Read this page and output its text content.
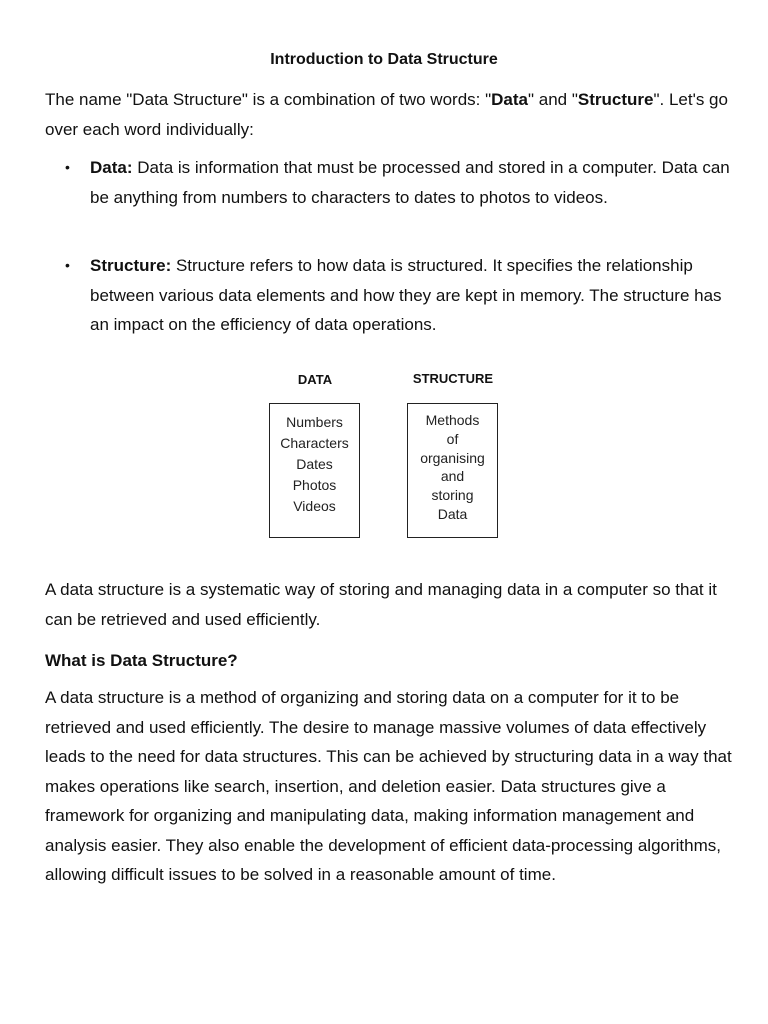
Introduction to Data Structure
The name "Data Structure" is a combination of two words: "Data" and "Structure". Let's go over each word individually:
• Data: Data is information that must be processed and stored in a computer. Data can be anything from numbers to characters to dates to photos to videos.
• Structure: Structure refers to how data is structured. It specifies the relationship between various data elements and how they are kept in memory. The structure has an impact on the efficiency of data operations.
DATA	STRUCTURE
Numbers
Characters
Dates
Photos
Videos
Methods
of
organising
and
storing
Data
A data structure is a systematic way of storing and managing data in a computer so that it can be retrieved and used efficiently.
What is Data Structure?
A data structure is a method of organizing and storing data on a computer for it to be retrieved and used efficiently. The desire to manage massive volumes of data effectively leads to the need for data structures. This can be achieved by structuring data in a way that makes operations like search, insertion, and deletion easier. Data structures give a framework for organizing and manipulating data, making information management and analysis easier. They also enable the development of efficient data-processing algorithms, allowing difficult issues to be solved in a reasonable amount of time.
